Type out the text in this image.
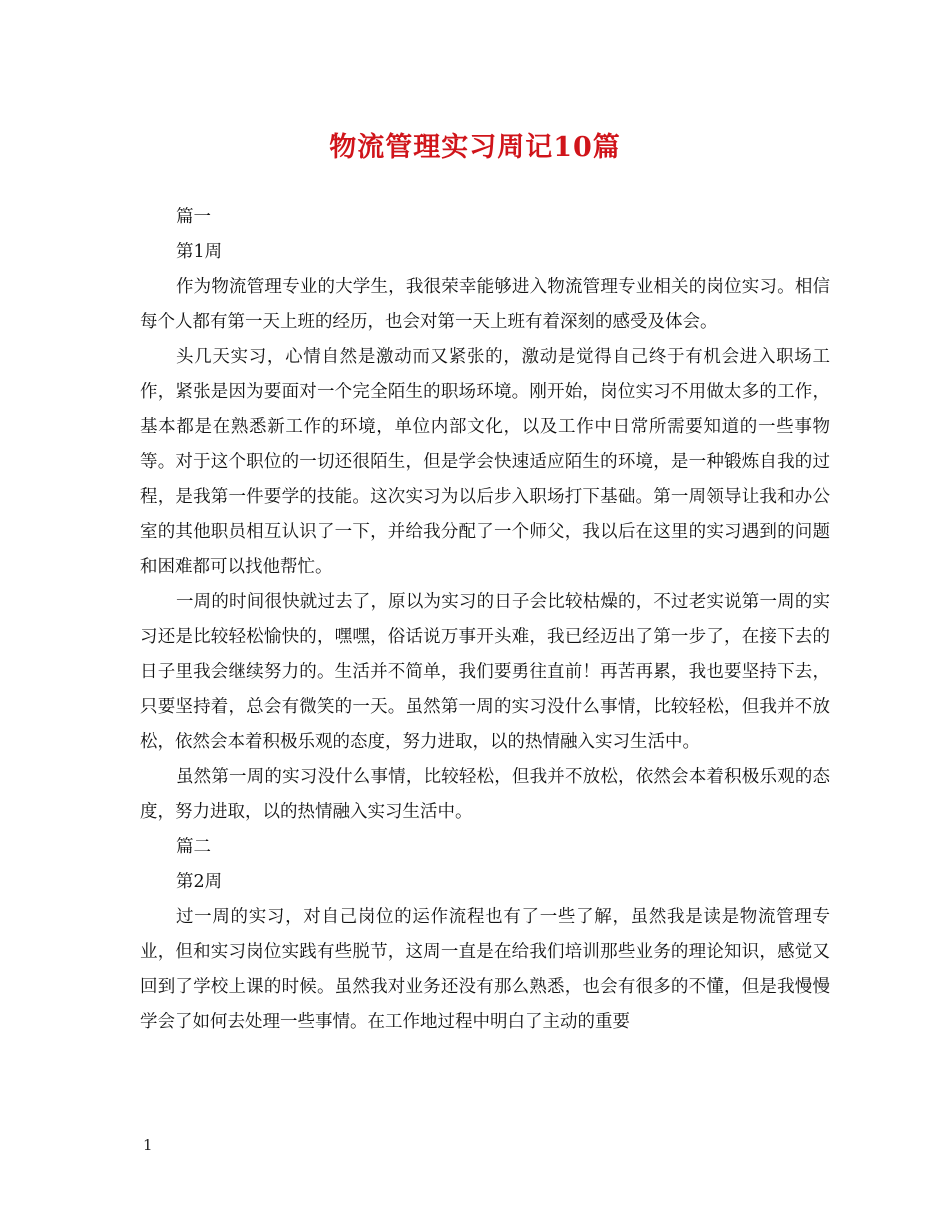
物流管理实习周记10篇

篇一

第1周

作为物流管理专业的大学生，我很荣幸能够进入物流管理专业相关的岗位实习。相信每个人都有第一天上班的经历，也会对第一天上班有着深刻的感受及体会。

头几天实习，心情自然是激动而又紧张的，激动是觉得自己终于有机会进入职场工作，紧张是因为要面对一个完全陌生的职场环境。刚开始，岗位实习不用做太多的工作，基本都是在熟悉新工作的环境，单位内部文化，以及工作中日常所需要知道的一些事物等。对于这个职位的一切还很陌生，但是学会快速适应陌生的环境，是一种锻炼自我的过程，是我第一件要学的技能。这次实习为以后步入职场打下基础。第一周领导让我和办公室的其他职员相互认识了一下，并给我分配了一个师父，我以后在这里的实习遇到的问题和困难都可以找他帮忙。

一周的时间很快就过去了，原以为实习的日子会比较枯燥的，不过老实说第一周的实习还是比较轻松愉快的，嘿嘿，俗话说万事开头难，我已经迈出了第一步了，在接下去的日子里我会继续努力的。生活并不简单，我们要勇往直前！再苦再累，我也要坚持下去，只要坚持着，总会有微笑的一天。虽然第一周的实习没什么事情，比较轻松，但我并不放松，依然会本着积极乐观的态度，努力进取，以的热情融入实习生活中。

虽然第一周的实习没什么事情，比较轻松，但我并不放松，依然会本着积极乐观的态度，努力进取，以的热情融入实习生活中。

篇二

第2周

过一周的实习，对自己岗位的运作流程也有了一些了解，虽然我是读是物流管理专业，但和实习岗位实践有些脱节，这周一直是在给我们培训那些业务的理论知识，感觉又回到了学校上课的时候。虽然我对业务还没有那么熟悉，也会有很多的不懂，但是我慢慢学会了如何去处理一些事情。在工作地过程中明白了主动的重要

1
